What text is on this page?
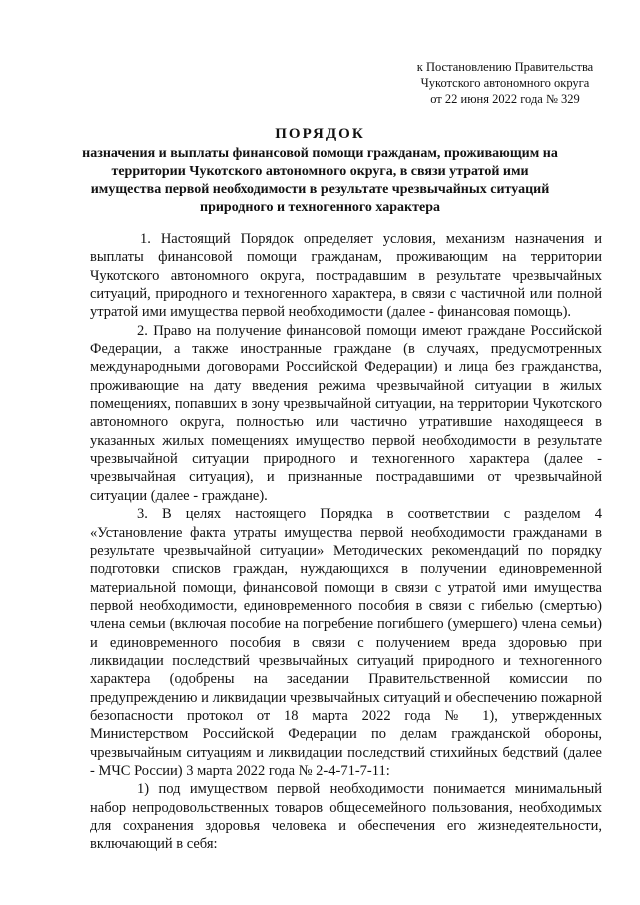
к Постановлению Правительства
Чукотского автономного округа
от 22 июня 2022 года № 329
ПОРЯДОК
назначения и выплаты финансовой помощи гражданам, проживающим на территории Чукотского автономного округа, в связи утратой ими имущества первой необходимости в результате чрезвычайных ситуаций природного и техногенного характера

1. Настоящий Порядок определяет условия, механизм назначения и выплаты финансовой помощи гражданам, проживающим на территории Чукотского автономного округа, пострадавшим в результате чрезвычайных ситуаций, природного и техногенного характера, в связи с частичной или полной утратой ими имущества первой необходимости (далее - финансовая помощь).

2. Право на получение финансовой помощи имеют граждане Российской Федерации, а также иностранные граждане (в случаях, предусмотренных международными договорами Российской Федерации) и лица без гражданства, проживающие на дату введения режима чрезвычайной ситуации в жилых помещениях, попавших в зону чрезвычайной ситуации, на территории Чукотского автономного округа, полностью или частично утратившие находящееся в указанных жилых помещениях имущество первой необходимости в результате чрезвычайной ситуации природного и техногенного характера (далее - чрезвычайная ситуация), и признанные пострадавшими от чрезвычайной ситуации (далее - граждане).

3. В целях настоящего Порядка в соответствии с разделом 4 «Установление факта утраты имущества первой необходимости гражданами в результате чрезвычайной ситуации» Методических рекомендаций по порядку подготовки списков граждан, нуждающихся в получении единовременной материальной помощи, финансовой помощи в связи с утратой ими имущества первой необходимости, единовременного пособия в связи с гибелью (смертью) члена семьи (включая пособие на погребение погибшего (умершего) члена семьи) и единовременного пособия в связи с получением вреда здоровью при ликвидации последствий чрезвычайных ситуаций природного и техногенного характера (одобрены на заседании Правительственной комиссии по предупреждению и ликвидации чрезвычайных ситуаций и обеспечению пожарной безопасности протокол от 18 марта 2022 года № 1), утвержденных Министерством Российской Федерации по делам гражданской обороны, чрезвычайным ситуациям и ликвидации последствий стихийных бедствий (далее - МЧС России) 3 марта 2022 года № 2-4-71-7-11:

1) под имуществом первой необходимости понимается минимальный набор непродовольственных товаров общесемейного пользования, необходимых для сохранения здоровья человека и обеспечения его жизнедеятельности, включающий в себя:
